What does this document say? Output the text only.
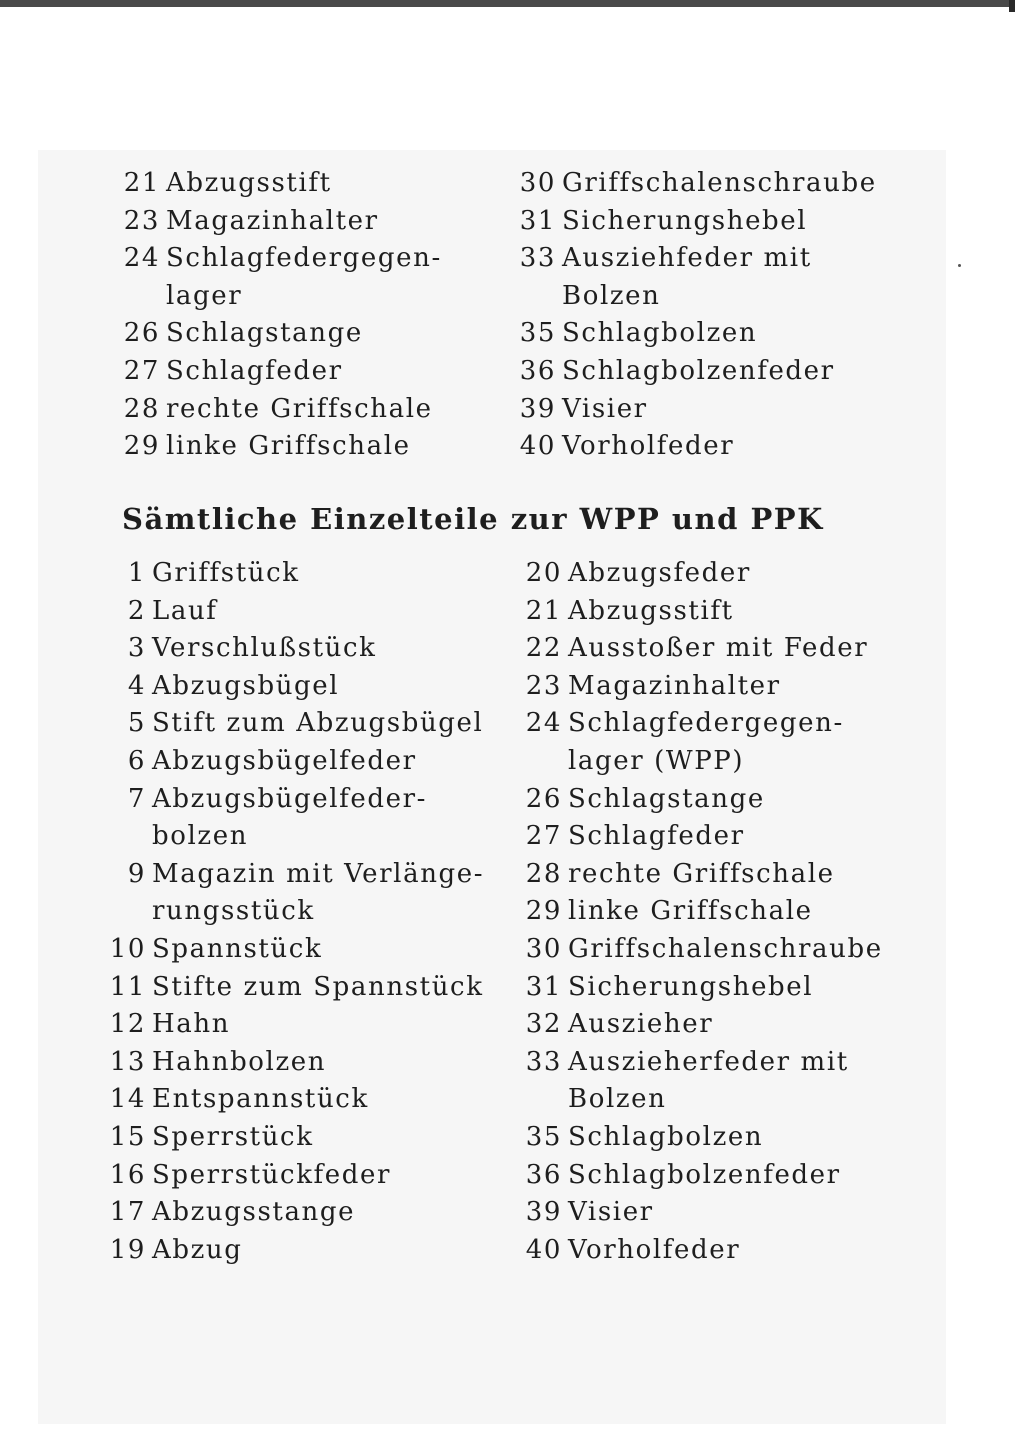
21 Abzugsstift
23 Magazinhalter
24 Schlagfedergegen-
lager
26 Schlagstange
27 Schlagfeder
28 rechte Griffschale
29 linke Griffschale
30 Griffschalenschraube
31 Sicherungshebel
33 Ausziehfeder mit
Bolzen
35 Schlagbolzen
36 Schlagbolzenfeder
39 Visier
40 Vorholfeder
Sämtliche Einzelteile zur WPP und PPK
1 Griffstück
2 Lauf
3 Verschlußstück
4 Abzugsbügel
5 Stift zum Abzugsbügel
6 Abzugsbügelfeder
7 Abzugsbügelfeder-
bolzen
9 Magazin mit Verlänge-
rungsstück
10 Spannstück
11 Stifte zum Spannstück
12 Hahn
13 Hahnbolzen
14 Entspannstück
15 Sperrstück
16 Sperrstückfeder
17 Abzugsstange
19 Abzug
20 Abzugsfeder
21 Abzugsstift
22 Ausstoßer mit Feder
23 Magazinhalter
24 Schlagfedergegen-
lager (WPP)
26 Schlagstange
27 Schlagfeder
28 rechte Griffschale
29 linke Griffschale
30 Griffschalenschraube
31 Sicherungshebel
32 Auszieher
33 Auszieherfeder mit
Bolzen
35 Schlagbolzen
36 Schlagbolzenfeder
39 Visier
40 Vorholfeder
